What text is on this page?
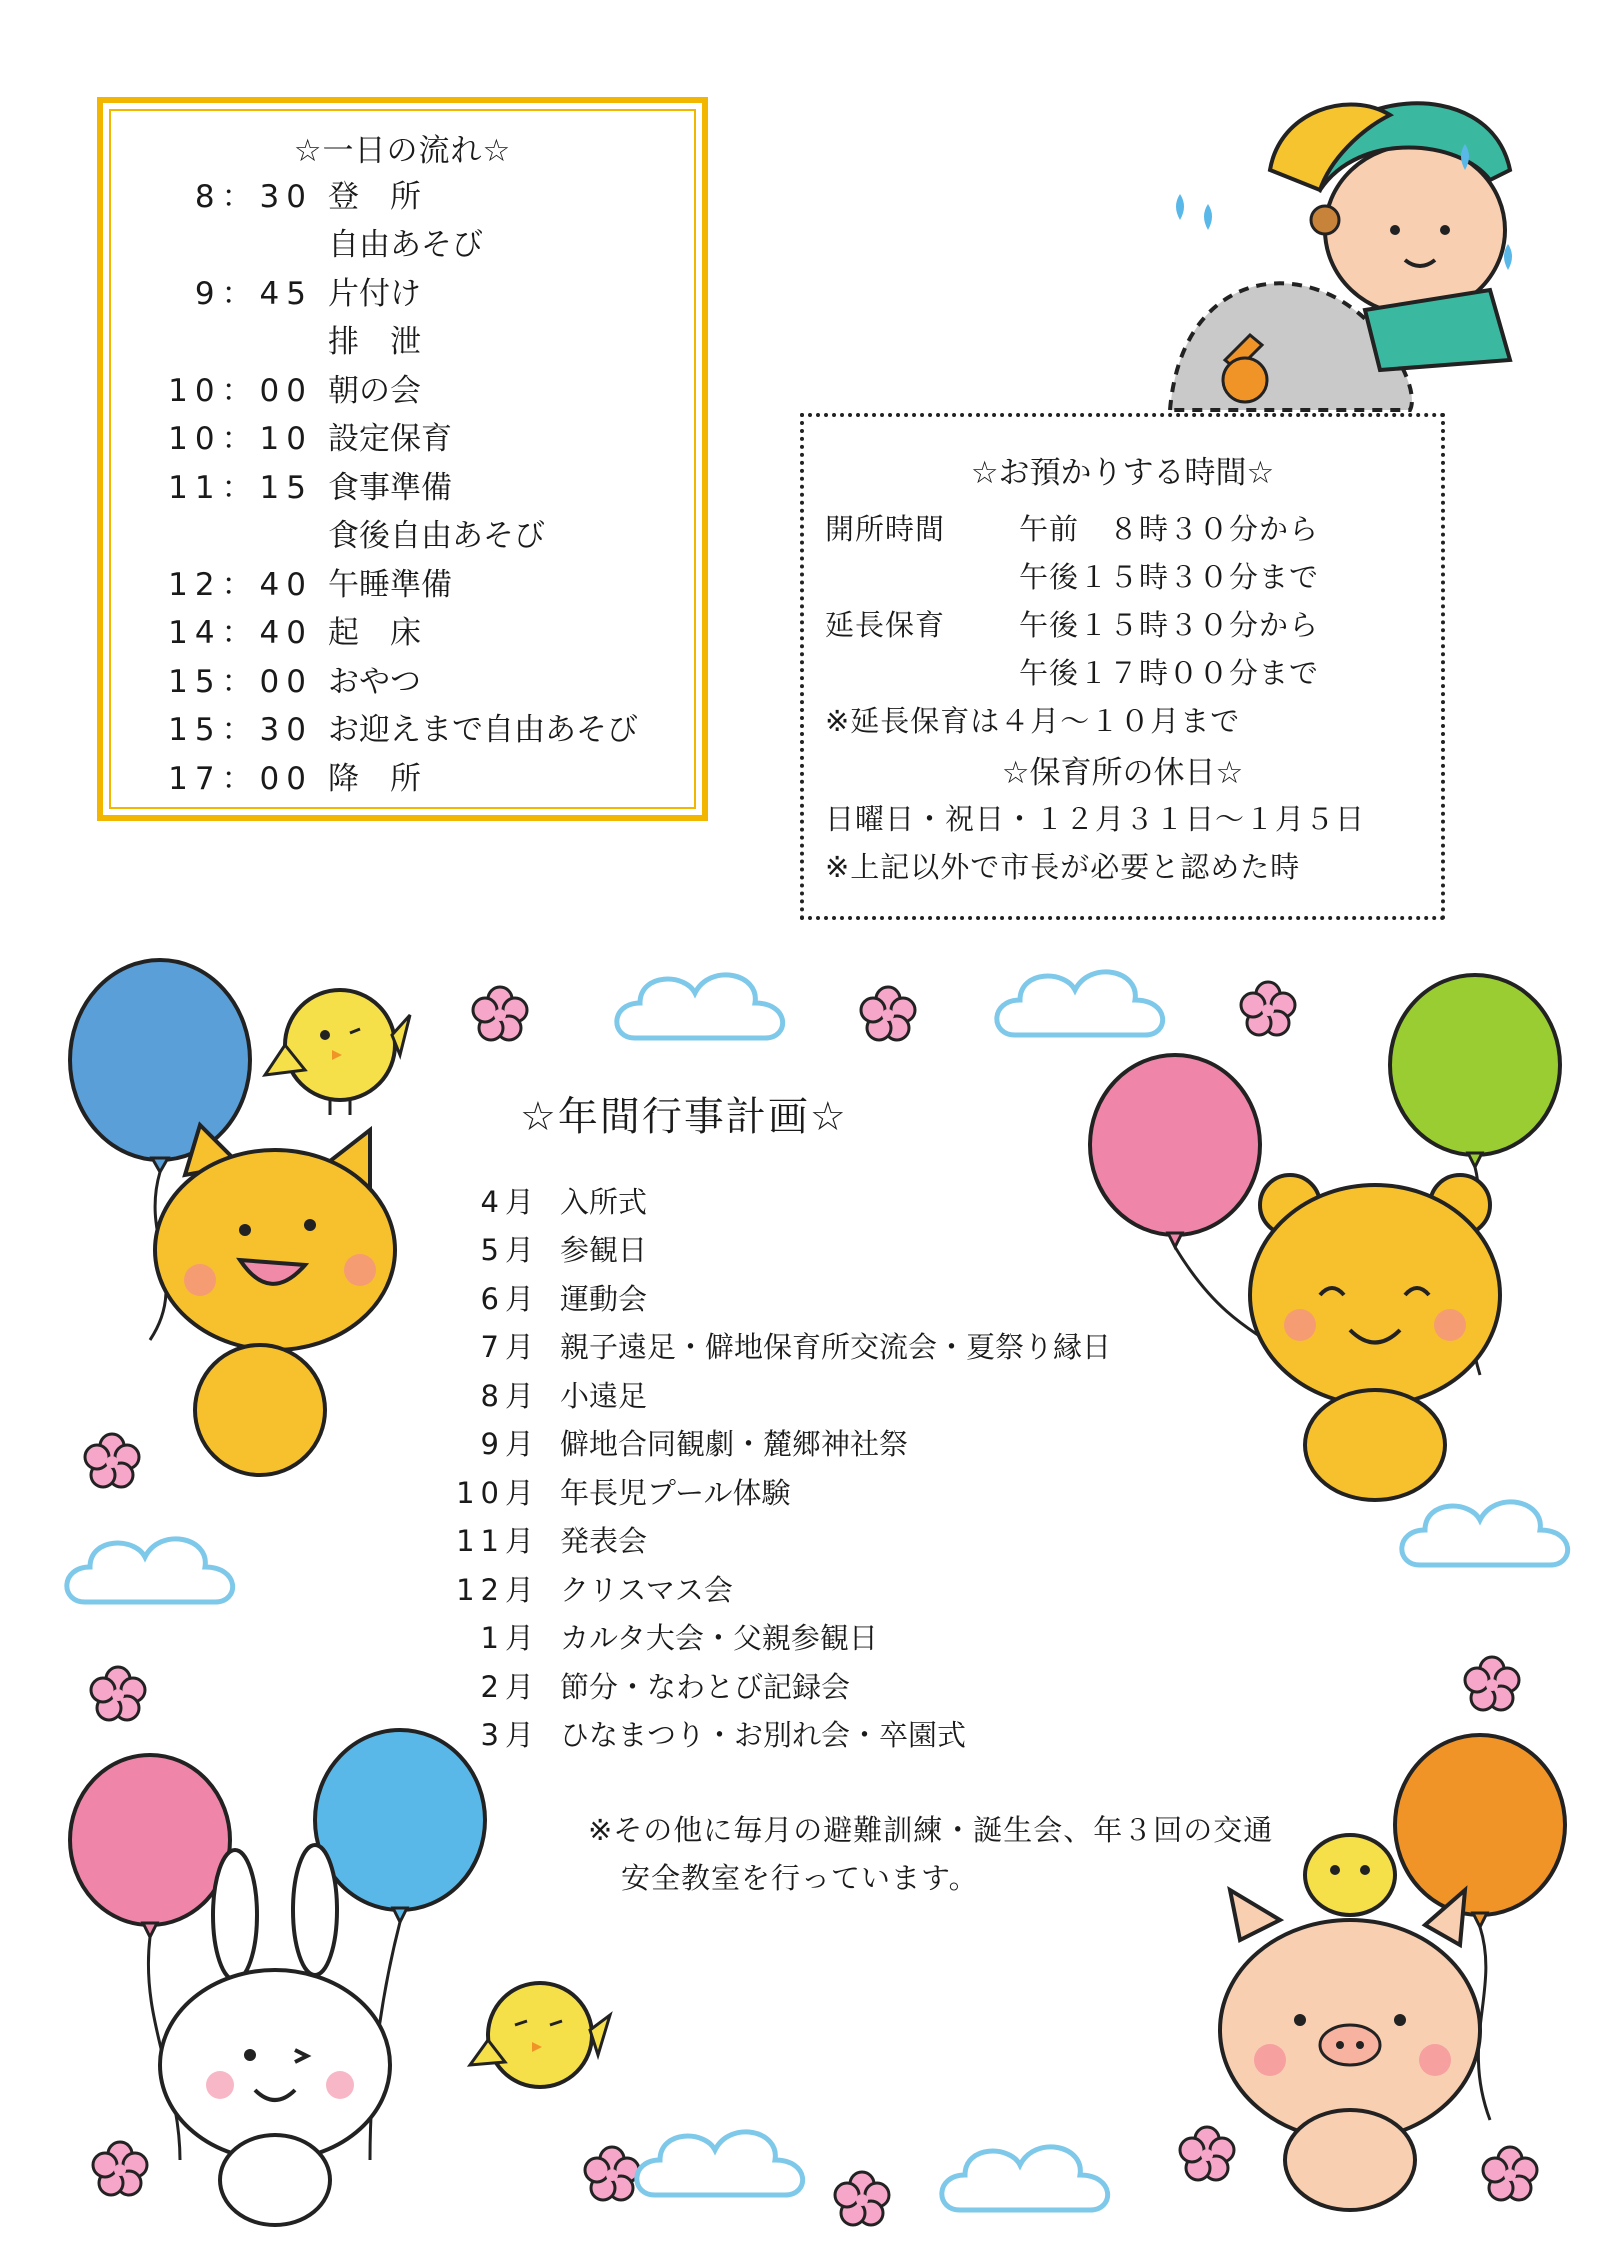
☆一日の流れ☆
8：30 登　所
自由あそび
9：45 片付け
排　泄
10：00 朝の会
10：10 設定保育
11：15 食事準備
食後自由あそび
12：40 午睡準備
14：40 起　床
15：00 おやつ
15：30 お迎えまで自由あそび
17：00 降　所
☆お預かりする時間☆
開所時間	午前　８時３０分から
午後１５時３０分まで
延長保育	午後１５時３０分から
午後１７時００分まで
※延長保育は４月～１０月まで
☆保育所の休日☆
日曜日・祝日・１２月３１日～１月５日
※上記以外で市長が必要と認めた時
☆年間行事計画☆
4月 入所式
5月 参観日
6月 運動会
7月 親子遠足・僻地保育所交流会・夏祭り縁日
8月 小遠足
9月 僻地合同観劇・麓郷神社祭
10月 年長児プール体験
11月 発表会
12月 クリスマス会
1月 カルタ大会・父親参観日
2月 節分・なわとび記録会
3月 ひなまつり・お別れ会・卒園式
※その他に毎月の避難訓練・誕生会、年３回の交通
安全教室を行っています。
